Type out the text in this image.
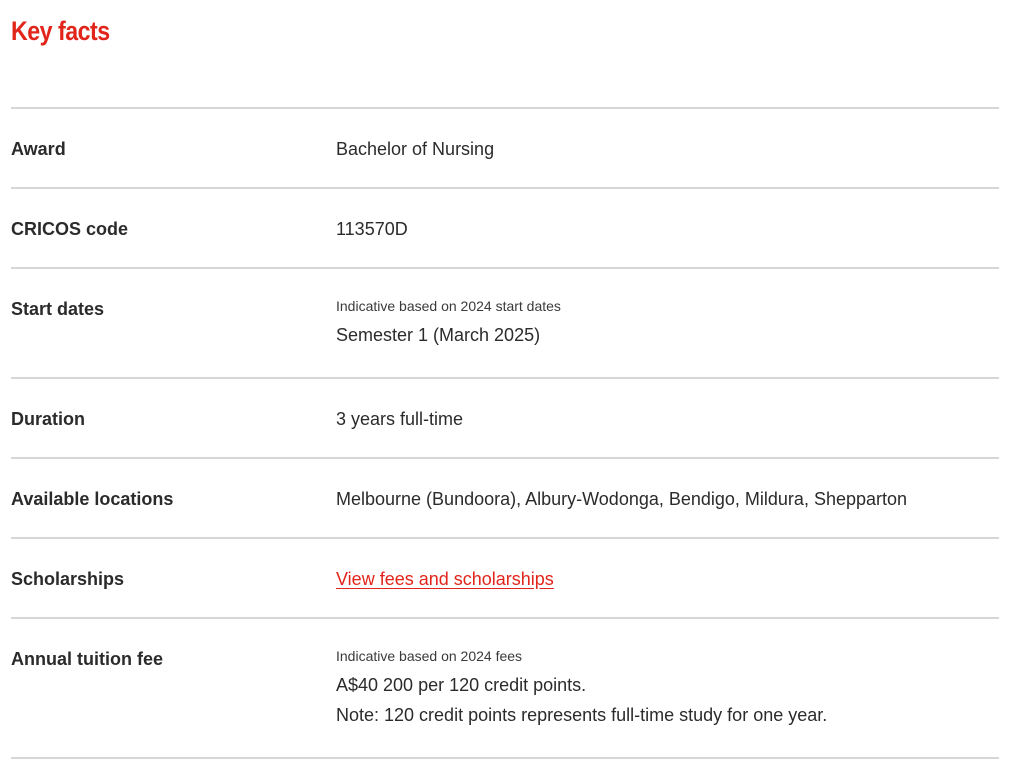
Key facts
Award	Bachelor of Nursing
CRICOS code	113570D
Start dates	Indicative based on 2024 start dates
Semester 1 (March 2025)
Duration	3 years full-time
Available locations	Melbourne (Bundoora), Albury-Wodonga, Bendigo, Mildura, Shepparton
Scholarships	View fees and scholarships
Annual tuition fee	Indicative based on 2024 fees
A$40 200 per 120 credit points.
Note: 120 credit points represents full-time study for one year.
